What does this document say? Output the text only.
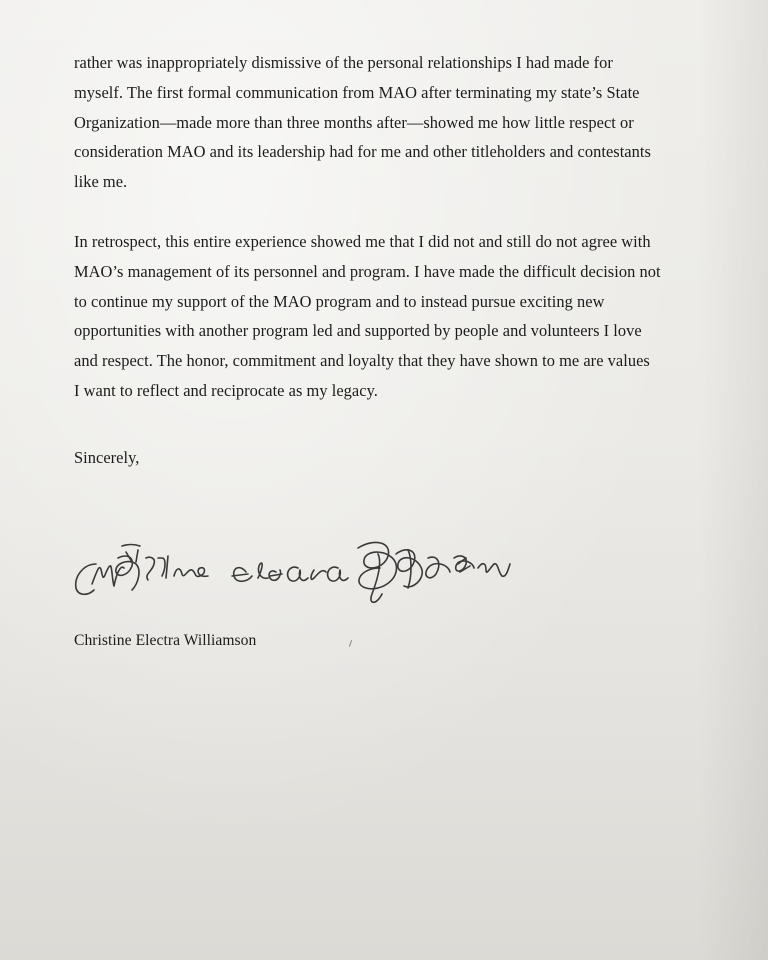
rather was inappropriately dismissive of the personal relationships I had made for
myself. The first formal communication from MAO after terminating my state’s State
Organization—made more than three months after—showed me how little respect or
consideration MAO and its leadership had for me and other titleholders and contestants
like me.
In retrospect, this entire experience showed me that I did not and still do not agree with
MAO’s management of its personnel and program. I have made the difficult decision not
to continue my support of the MAO program and to instead pursue exciting new
opportunities with another program led and supported by people and volunteers I love
and respect. The honor, commitment and loyalty that they have shown to me are values
I want to reflect and reciprocate as my legacy.
Sincerely,
Christine Electra Williamson
